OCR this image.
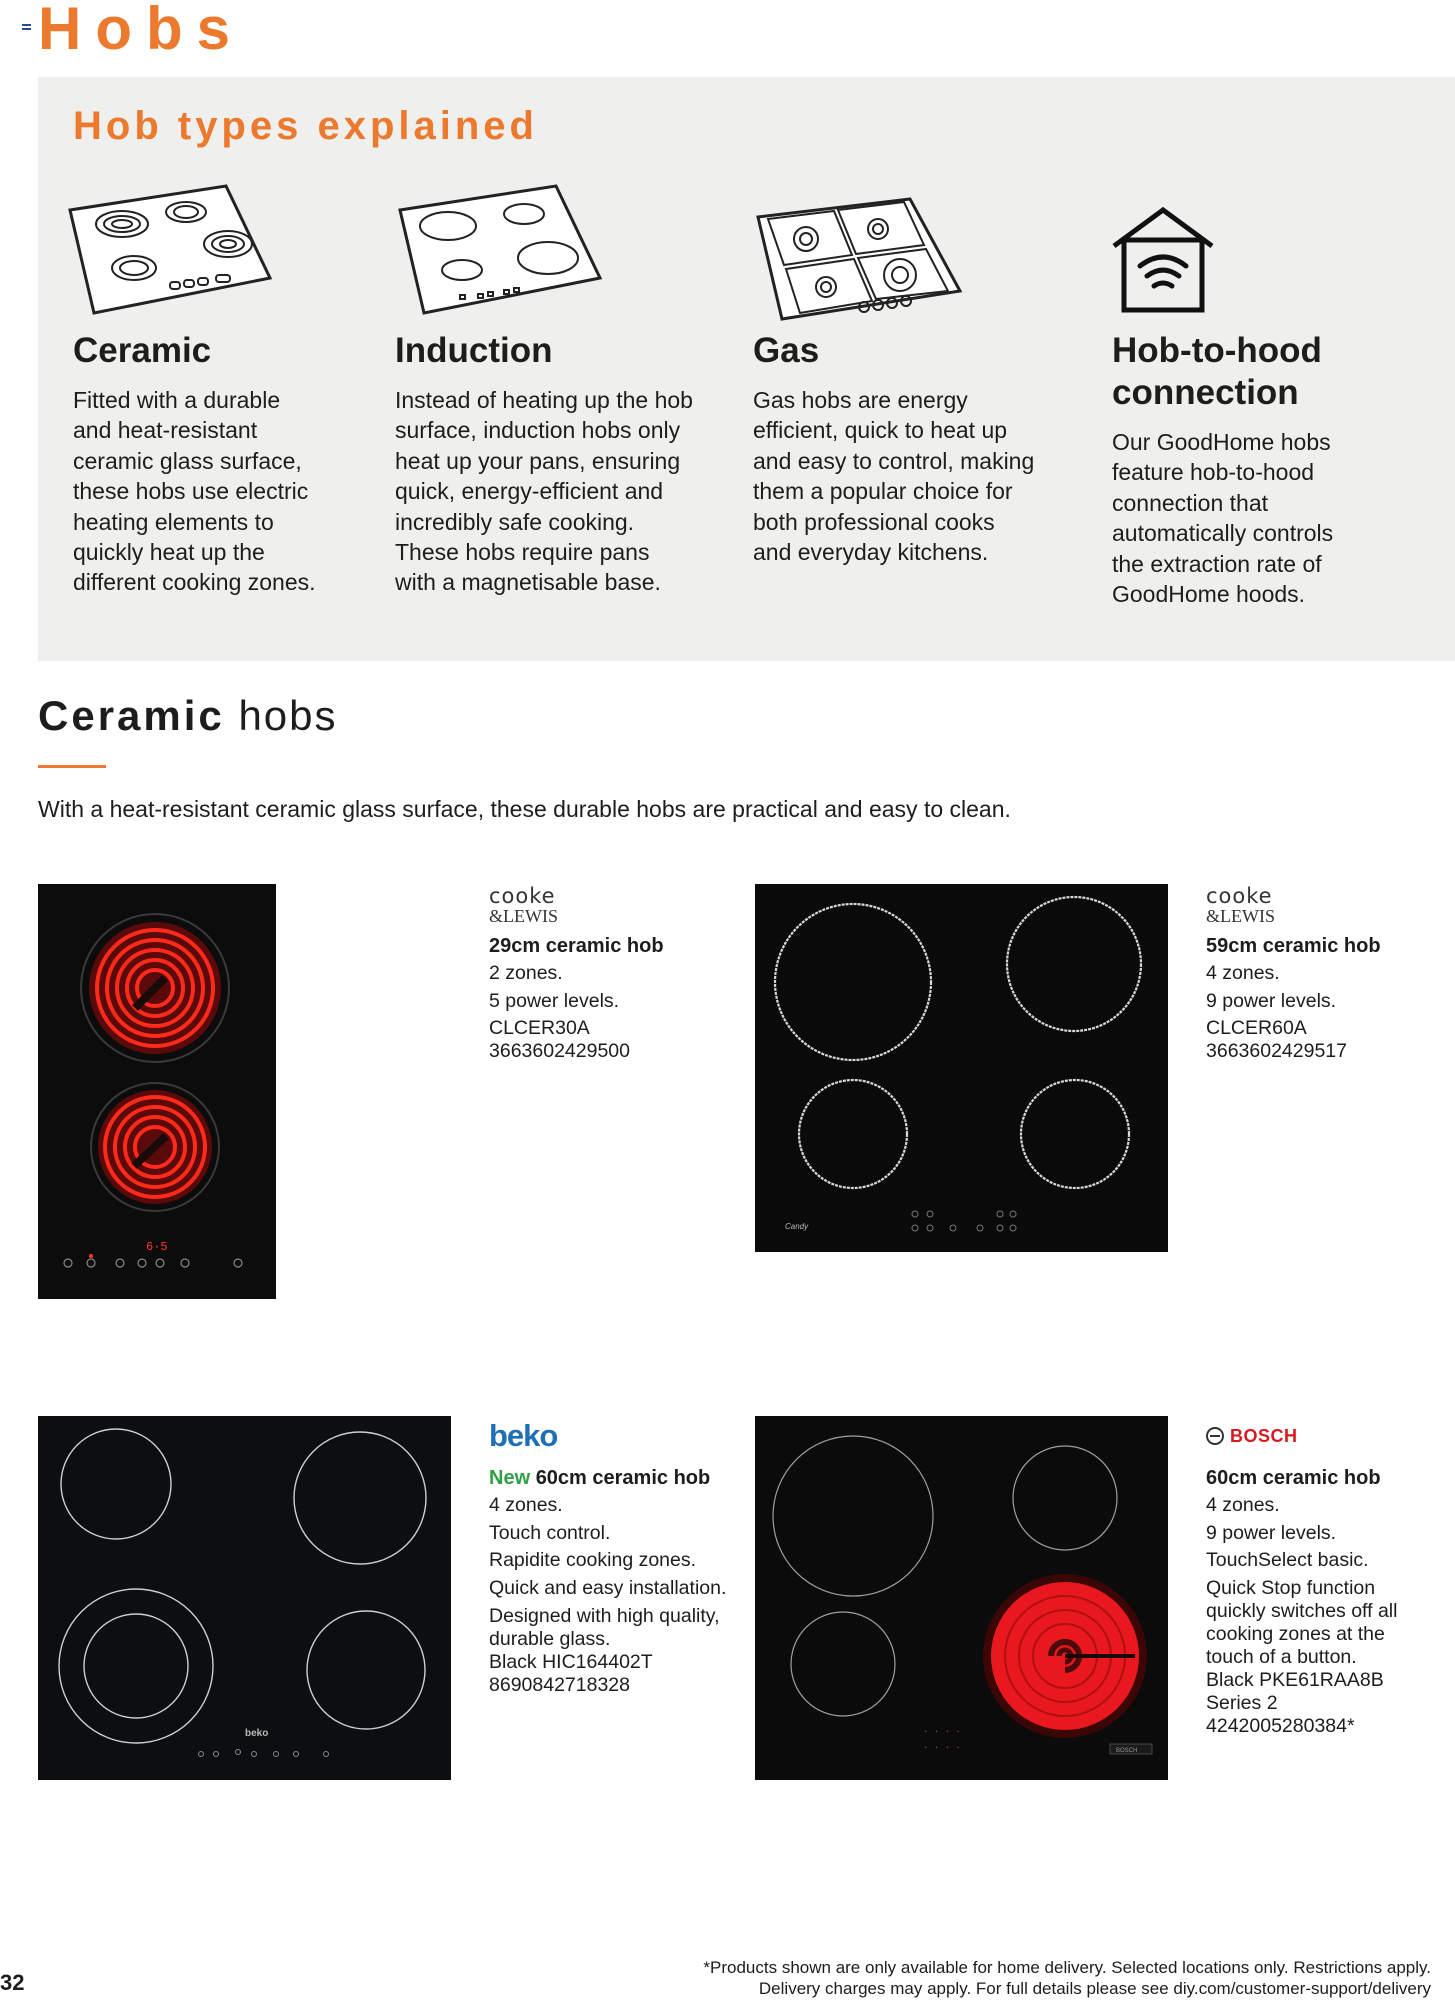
Hobs
Hob types explained
Ceramic
Fitted with a durable
and heat-resistant
ceramic glass surface,
these hobs use electric
heating elements to
quickly heat up the
different cooking zones.
Induction
Instead of heating up the hob
surface, induction hobs only
heat up your pans, ensuring
quick, energy-efficient and
incredibly safe cooking.
These hobs require pans
with a magnetisable base.
Gas
Gas hobs are energy
efficient, quick to heat up
and easy to control, making
them a popular choice for
both professional cooks
and everyday kitchens.
Hob-to-hood
connection
Our GoodHome hobs
feature hob-to-hood
connection that
automatically controls
the extraction rate of
GoodHome hoods.
Ceramic hobs
With a heat-resistant ceramic glass surface, these durable hobs are practical and easy to clean.
6·5
cooke
&LEWIS
29cm ceramic hob
2 zones.
5 power levels.
CLCER30A
3663602429500
Candy
cooke
&LEWIS
59cm ceramic hob
4 zones.
9 power levels.
CLCER60A
3663602429517
beko
beko
New 60cm ceramic hob
4 zones.
Touch control.
Rapidite cooking zones.
Quick and easy installation.
Designed with high quality,
durable glass.
Black HIC164402T
8690842718328
· · · ·
· · · ·	BOSCH
BOSCH
60cm ceramic hob
4 zones.
9 power levels.
TouchSelect basic.
Quick Stop function
quickly switches off all
cooking zones at the
touch of a button.
Black PKE61RAA8B
Series 2
4242005280384*
32
*Products shown are only available for home delivery. Selected locations only. Restrictions apply.
Delivery charges may apply. For full details please see diy.com/customer-support/delivery
